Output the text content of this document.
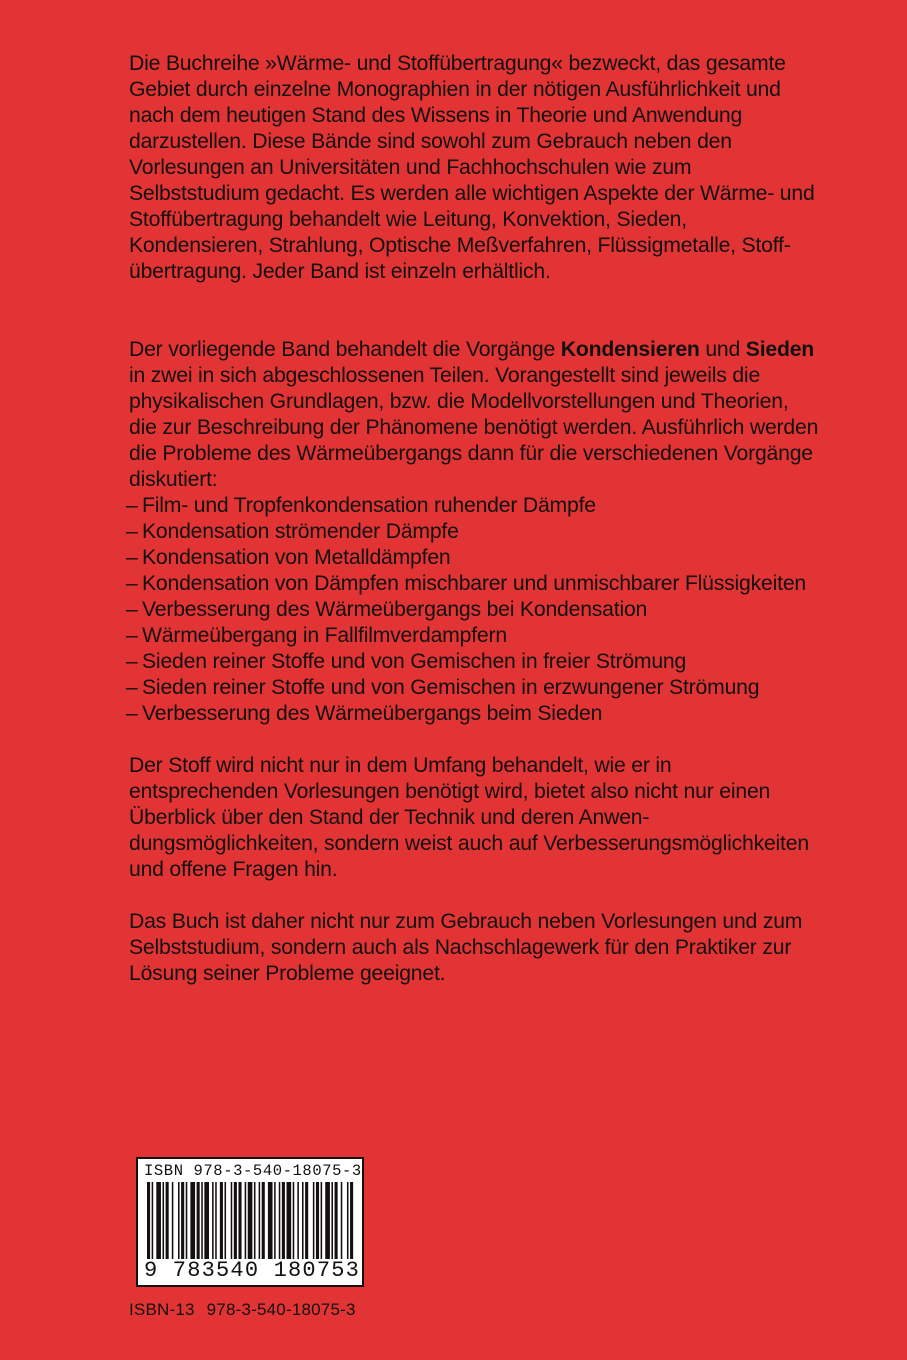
Die Buchreihe »Wärme- und Stoffübertragung« bezweckt, das gesamte Gebiet durch einzelne Monographien in der nötigen Ausführlichkeit und nach dem heutigen Stand des Wissens in Theorie und Anwendung darzustellen. Diese Bände sind sowohl zum Gebrauch neben den Vorlesungen an Universitäten und Fachhochschulen wie zum Selbststudium gedacht. Es werden alle wichtigen Aspekte der Wärme- und Stoffübertragung behandelt wie Leitung, Konvektion, Sieden, Kondensieren, Strahlung, Optische Meßverfahren, Flüssigmetalle, Stoffübertragung. Jeder Band ist einzeln erhältlich.

Der vorliegende Band behandelt die Vorgänge Kondensieren und Sieden in zwei in sich abgeschlossenen Teilen. Vorangestellt sind jeweils die physikalischen Grundlagen, bzw. die Modellvorstellungen und Theorien, die zur Beschreibung der Phänomene benötigt werden. Ausführlich werden die Probleme des Wärmeübergangs dann für die verschiedenen Vorgänge diskutiert:

– Film- und Tropfenkondensation ruhender Dämpfe
– Kondensation strömender Dämpfe
– Kondensation von Metalldämpfen
– Kondensation von Dämpfen mischbarer und unmischbarer Flüssigkeiten
– Verbesserung des Wärmeübergangs bei Kondensation
– Wärmeübergang in Fallfilmverdampfern
– Sieden reiner Stoffe und von Gemischen in freier Strömung
– Sieden reiner Stoffe und von Gemischen in erzwungener Strömung
– Verbesserung des Wärmeübergangs beim Sieden

Der Stoff wird nicht nur in dem Umfang behandelt, wie er in entsprechenden Vorlesungen benötigt wird, bietet also nicht nur einen Überblick über den Stand der Technik und deren Anwendungsmöglichkeiten, sondern weist auch auf Verbesserungsmöglichkeiten und offene Fragen hin.

Das Buch ist daher nicht nur zum Gebrauch neben Vorlesungen und zum Selbststudium, sondern auch als Nachschlagewerk für den Praktiker zur Lösung seiner Probleme geeignet.

ISBN 978-3-540-18075-3
9 783540 180753
ISBN-13 978-3-540-18075-3
